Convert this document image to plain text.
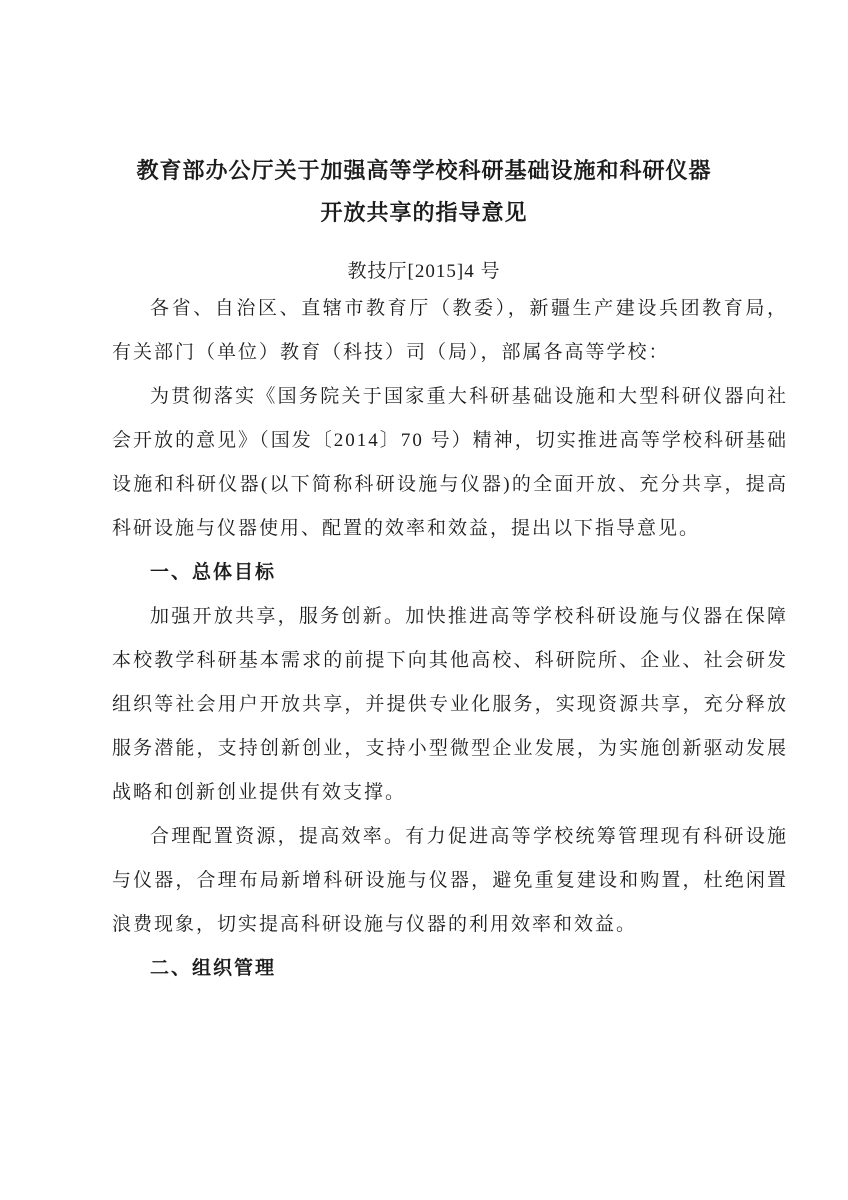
教育部办公厅关于加强高等学校科研基础设施和科研仪器
开放共享的指导意见
教技厅[2015]4 号

各省、自治区、直辖市教育厅（教委），新疆生产建设兵团教育局，有关部门（单位）教育（科技）司（局），部属各高等学校：

为贯彻落实《国务院关于国家重大科研基础设施和大型科研仪器向社会开放的意见》（国发〔2014〕70 号）精神，切实推进高等学校科研基础设施和科研仪器(以下简称科研设施与仪器)的全面开放、充分共享，提高科研设施与仪器使用、配置的效率和效益，提出以下指导意见。

一、总体目标

加强开放共享，服务创新。加快推进高等学校科研设施与仪器在保障本校教学科研基本需求的前提下向其他高校、科研院所、企业、社会研发组织等社会用户开放共享，并提供专业化服务，实现资源共享，充分释放服务潜能，支持创新创业，支持小型微型企业发展，为实施创新驱动发展战略和创新创业提供有效支撑。

合理配置资源，提高效率。有力促进高等学校统筹管理现有科研设施与仪器，合理布局新增科研设施与仪器，避免重复建设和购置，杜绝闲置浪费现象，切实提高科研设施与仪器的利用效率和效益。

二、组织管理
